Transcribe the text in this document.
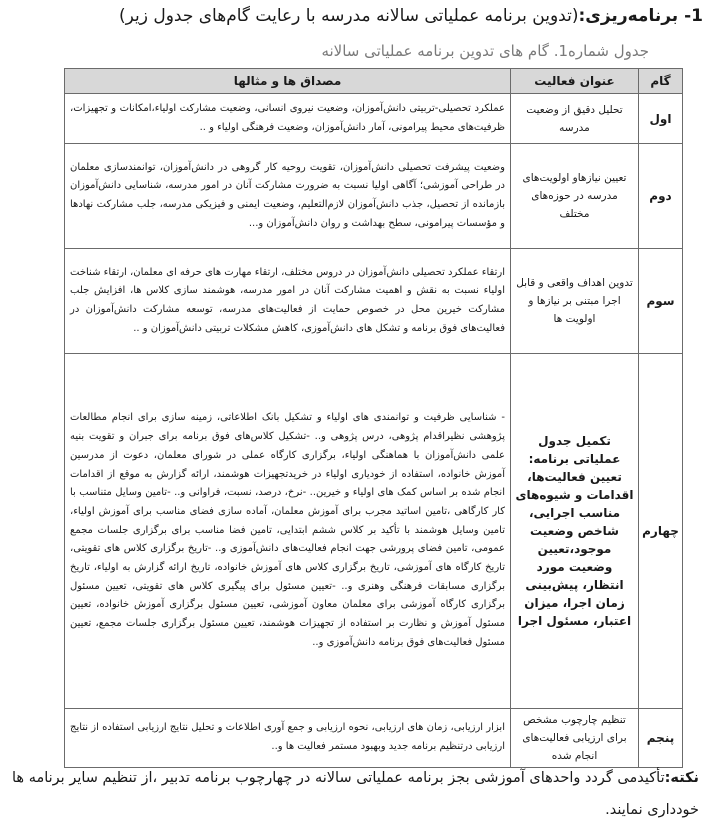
1- برنامه‌ریزی:(تدوین برنامه عملیاتی سالانه مدرسه با رعایت گام‌های جدول زیر)
جدول شماره1. گام های تدوین برنامه عملیاتی سالانه
گام	عنوان فعالیت	مصداق ها و مثالها
اول	تحلیل دقیق از وضعیت مدرسه	عملکرد تحصیلی-تربیتی دانش‌آموزان، وضعیت نیروی انسانی، وضعیت مشارکت اولیاء،امکانات و تجهیزات، ظرفیت‌های محیط پیرامونی، آمار دانش‌آموزان، وضعیت فرهنگی اولیاء و ..
دوم	تعیین نیازهاو اولویت‌های مدرسه در حوزه‌های مختلف	وضعیت پیشرفت تحصیلی دانش‌آموزان، تقویت روحیه کار گروهی در دانش‌آموزان، توانمندسازی معلمان در طراحی آموزشی؛ آگاهی اولیا نسبت به ضرورت مشارکت آنان در امور مدرسه، شناسایی دانش‌آموزان بازمانده از تحصیل، جذب دانش‌آموزان لازم‌التعلیم، وضعیت ایمنی و فیزیکی مدرسه، جلب مشارکت نهادها و مؤسسات پیرامونی، سطح بهداشت و روان دانش‌آموزان و...
سوم	تدوین اهداف واقعی و قابل اجرا مبتنی بر نیازها و اولویت ها	ارتقاء عملکرد تحصیلی دانش‌آموزان در دروس مختلف، ارتقاء مهارت های حرفه ای معلمان، ارتقاء شناخت اولیاء نسبت به نقش و اهمیت مشارکت آنان در امور مدرسه، هوشمند سازی کلاس ها، افزایش جلب مشارکت خیرین محل در خصوص حمایت از فعالیت‌های مدرسه، توسعه مشارکت دانش‌آموزان در فعالیت‌های فوق برنامه و تشکل های دانش‌آموزی، کاهش مشکلات تربیتی دانش‌آموزان و ..
چهارم	تکمیل جدول عملیاتی برنامه: تعیین فعالیت‌ها، اقدامات و شیوه‌های مناسب اجرایی، شاخص وضعیت موجود،تعیین وضعیت مورد انتظار، پیش‌بینی زمان اجرا، میزان اعتبار، مسئول اجرا	- شناسایی ظرفیت و توانمندی های اولیاء و تشکیل بانک اطلاعاتی، زمینه سازی برای انجام مطالعات پژوهشی نظیراقدام پژوهی، درس پژوهی و.. -تشکیل کلاس‌های فوق برنامه برای جبران و تقویت بنیه علمی دانش‌آموزان با هماهنگی اولیاء، برگزاری کارگاه عملی در شورای معلمان، دعوت از مدرسین آموزش خانواده، استفاده از خودیاری اولیاء در خریدتجهیزات هوشمند، ارائه گزارش به موقع از اقدامات انجام شده بر اساس کمک های اولیاء و خیرین.. -نرخ، درصد، نسبت، فراوانی و.. -تامین وسایل متناسب با کار کارگاهی ،تامین اساتید مجرب برای آموزش معلمان، آماده سازی فضای مناسب برای آموزش اولیاء، تامین وسایل هوشمند با تأکید بر کلاس ششم ابتدایی، تامین فضا مناسب برای برگزاری جلسات مجمع عمومی، تامین فضای پرورشی جهت انجام فعالیت‌های دانش‌آموزی و.. -تاریخ برگزاری کلاس های تقویتی، تاریخ کارگاه های آموزشی، تاریخ برگزاری کلاس های آموزش خانواده، تاریخ ارائه گزارش به اولیاء، تاریخ برگزاری مسابقات فرهنگی وهنری و.. -تعیین مسئول برای پیگیری کلاس های تقویتی، تعیین مسئول برگزاری کارگاه آموزشی برای معلمان معاون آموزشی، تعیین مسئول برگزاری آموزش خانواده، تعیین مسئول آموزش و نظارت بر استفاده از تجهیزات هوشمند، تعیین مسئول برگزاری جلسات مجمع، تعیین مسئول فعالیت‌های فوق برنامه دانش‌آموزی و..
پنجم	تنظیم چارچوب مشخص برای ارزیابی فعالیت‌های انجام شده	ابزار ارزیابی، زمان های ارزیابی، نحوه ارزیابی و جمع آوری اطلاعات و تحلیل نتایج ارزیابی استفاده از نتایج ارزیابی درتنظیم برنامه جدید وبهبود مستمر فعالیت ها و..
نکته:تأکیدمی گردد واحدهای آموزشی بجز برنامه عملیاتی سالانه در چهارچوب برنامه تدبیر ،از تنظیم سایر برنامه ها خودداری نمایند.
